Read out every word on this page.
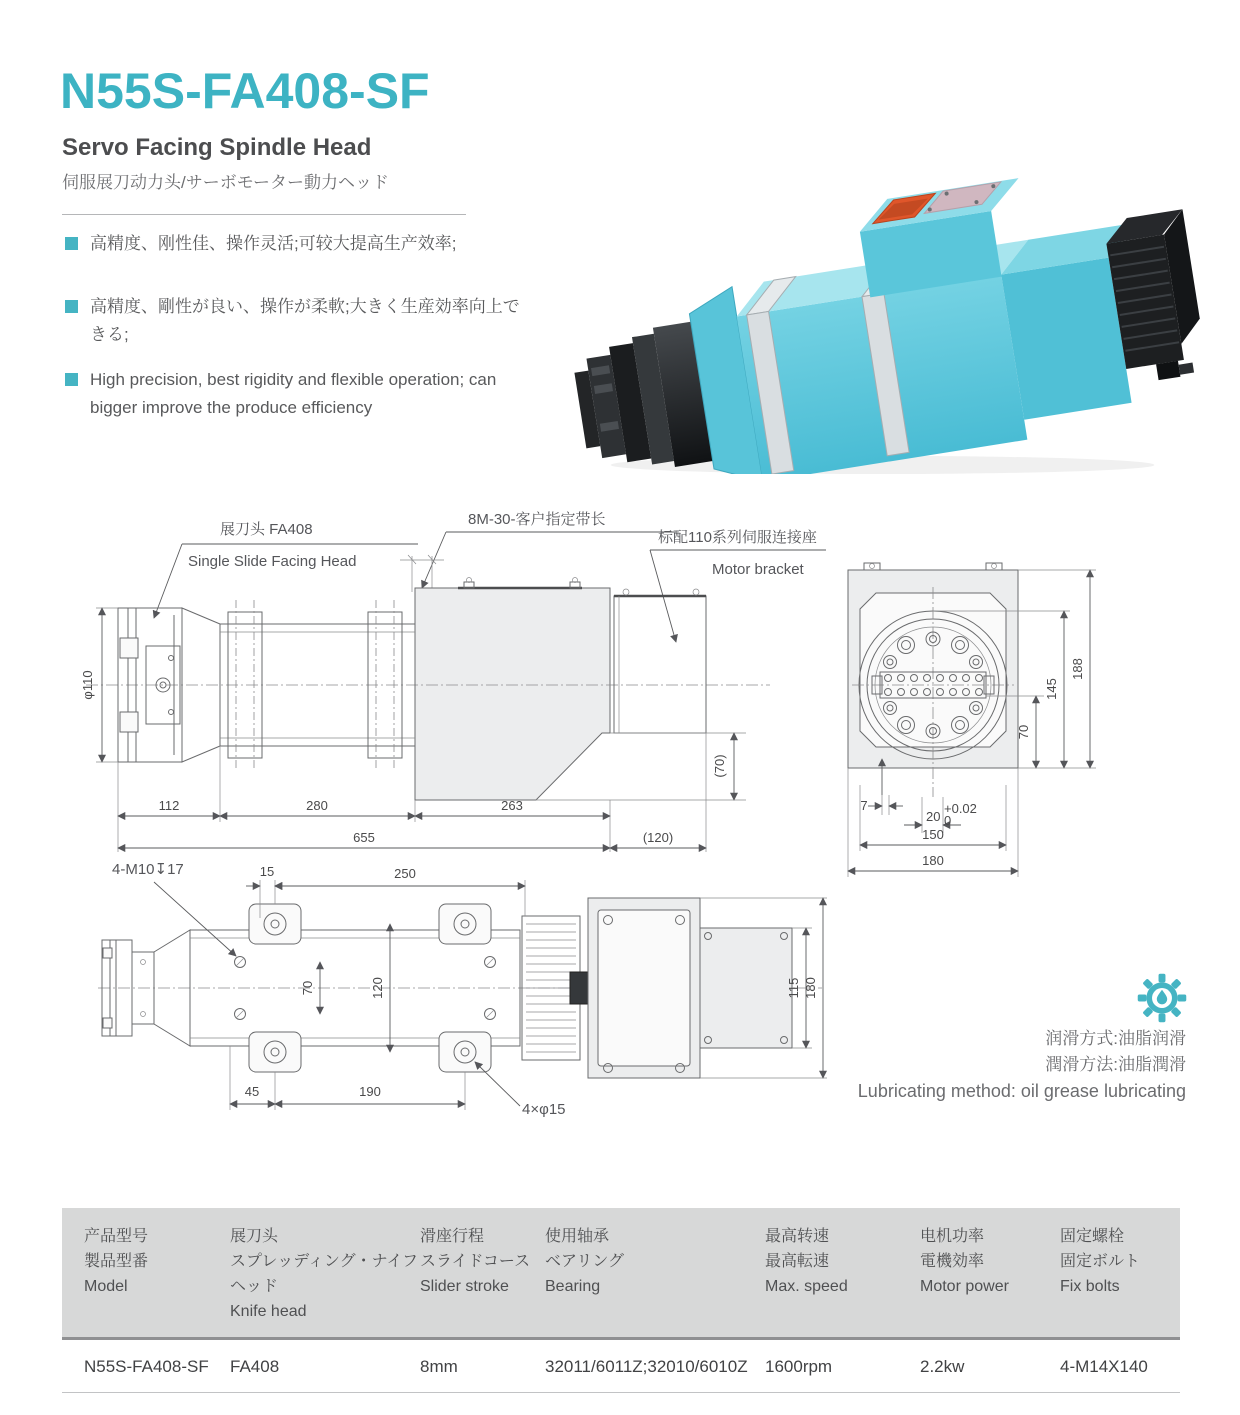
N55S-FA408-SF
Servo Facing Spindle Head
伺服展刀动力头/サーボモーター動力ヘッド
高精度、刚性佳、操作灵活;可较大提高生产效率;
高精度、剛性が良い、操作が柔軟;大きく生産効率向上できる;
High precision, best rigidity and flexible operation; can bigger improve the produce efficiency
展刀头 FA408
Single Slide Facing Head
8M-30-客户指定带长
标配110系列伺服连接座
Motor bracket
φ110
(70)
112	280	263
655	(120)
70
145
188
7
20
+0.02
0
150
180
4-M10↧17	15	250
70	120
45	190
4×φ15
115 180
润滑方式:油脂润滑
潤滑方法:油脂潤滑
Lubricating method: oil grease lubricating
产品型号
製品型番
Model
展刀头
スプレッディング・ナイフヘッド
Knife head
滑座行程
スライドコース
Slider stroke
使用轴承
ベアリング
Bearing
最高转速
最高転速
Max. speed
电机功率
電機効率
Motor power
固定螺栓
固定ボルト
Fix bolts
N55S-FA408-SF	FA408	8mm	32011/6011Z;32010/6010Z	1600rpm	2.2kw	4-M14X140
